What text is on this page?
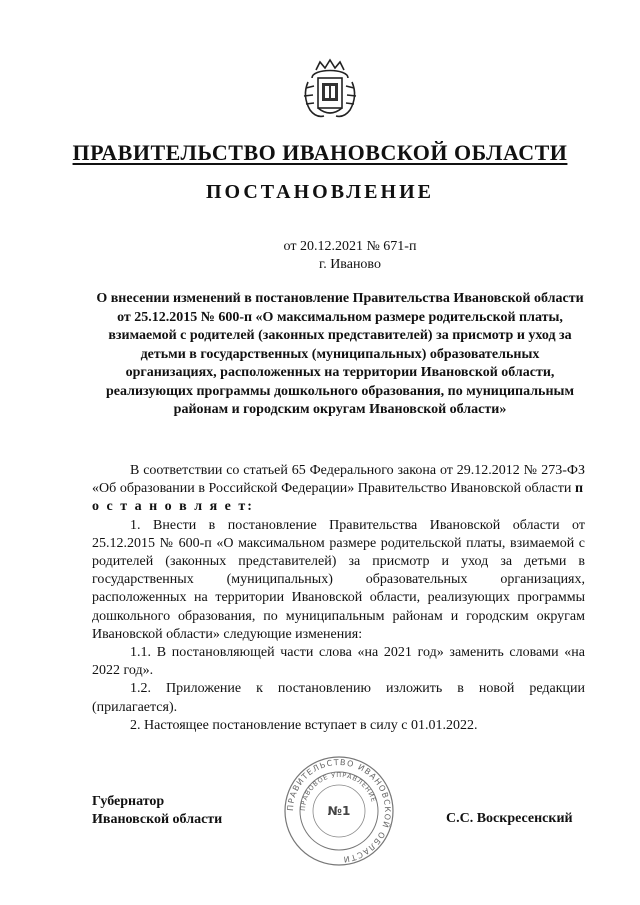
ПРАВИТЕЛЬСТВО ИВАНОВСКОЙ ОБЛАСТИ
ПОСТАНОВЛЕНИЕ
от 20.12.2021 № 671-п
г. Иваново
О внесении изменений в постановление Правительства Ивановской области от 25.12.2015 № 600-п «О максимальном размере родительской платы, взимаемой с родителей (законных представителей) за присмотр и уход за детьми в государственных (муниципальных) образовательных организациях, расположенных на территории Ивановской области, реализующих программы дошкольного образования, по муниципальным районам и городским округам Ивановской области»

В соответствии со статьей 65 Федерального закона от 29.12.2012 № 273-ФЗ «Об образовании в Российской Федерации» Правительство Ивановской области п о с т а н о в л я е т:

1. Внести в постановление Правительства Ивановской области от 25.12.2015 № 600-п «О максимальном размере родительской платы, взимаемой с родителей (законных представителей) за присмотр и уход за детьми в государственных (муниципальных) образовательных организациях, расположенных на территории Ивановской области, реализующих программы дошкольного образования, по муниципальным районам и городским округам Ивановской области» следующие изменения:

1.1. В постановляющей части слова «на 2021 год» заменить словами «на 2022 год».

1.2. Приложение к постановлению изложить в новой редакции (прилагается).

2. Настоящее постановление вступает в силу с 01.01.2022.

Губернатор
Ивановской области
ПРАВИТЕЛЬСТВО ИВАНОВСКОЙ ОБЛАСТИ
ПРАВОВОЕ УПРАВЛЕНИЕ
№1	С.С. Воскресенский
